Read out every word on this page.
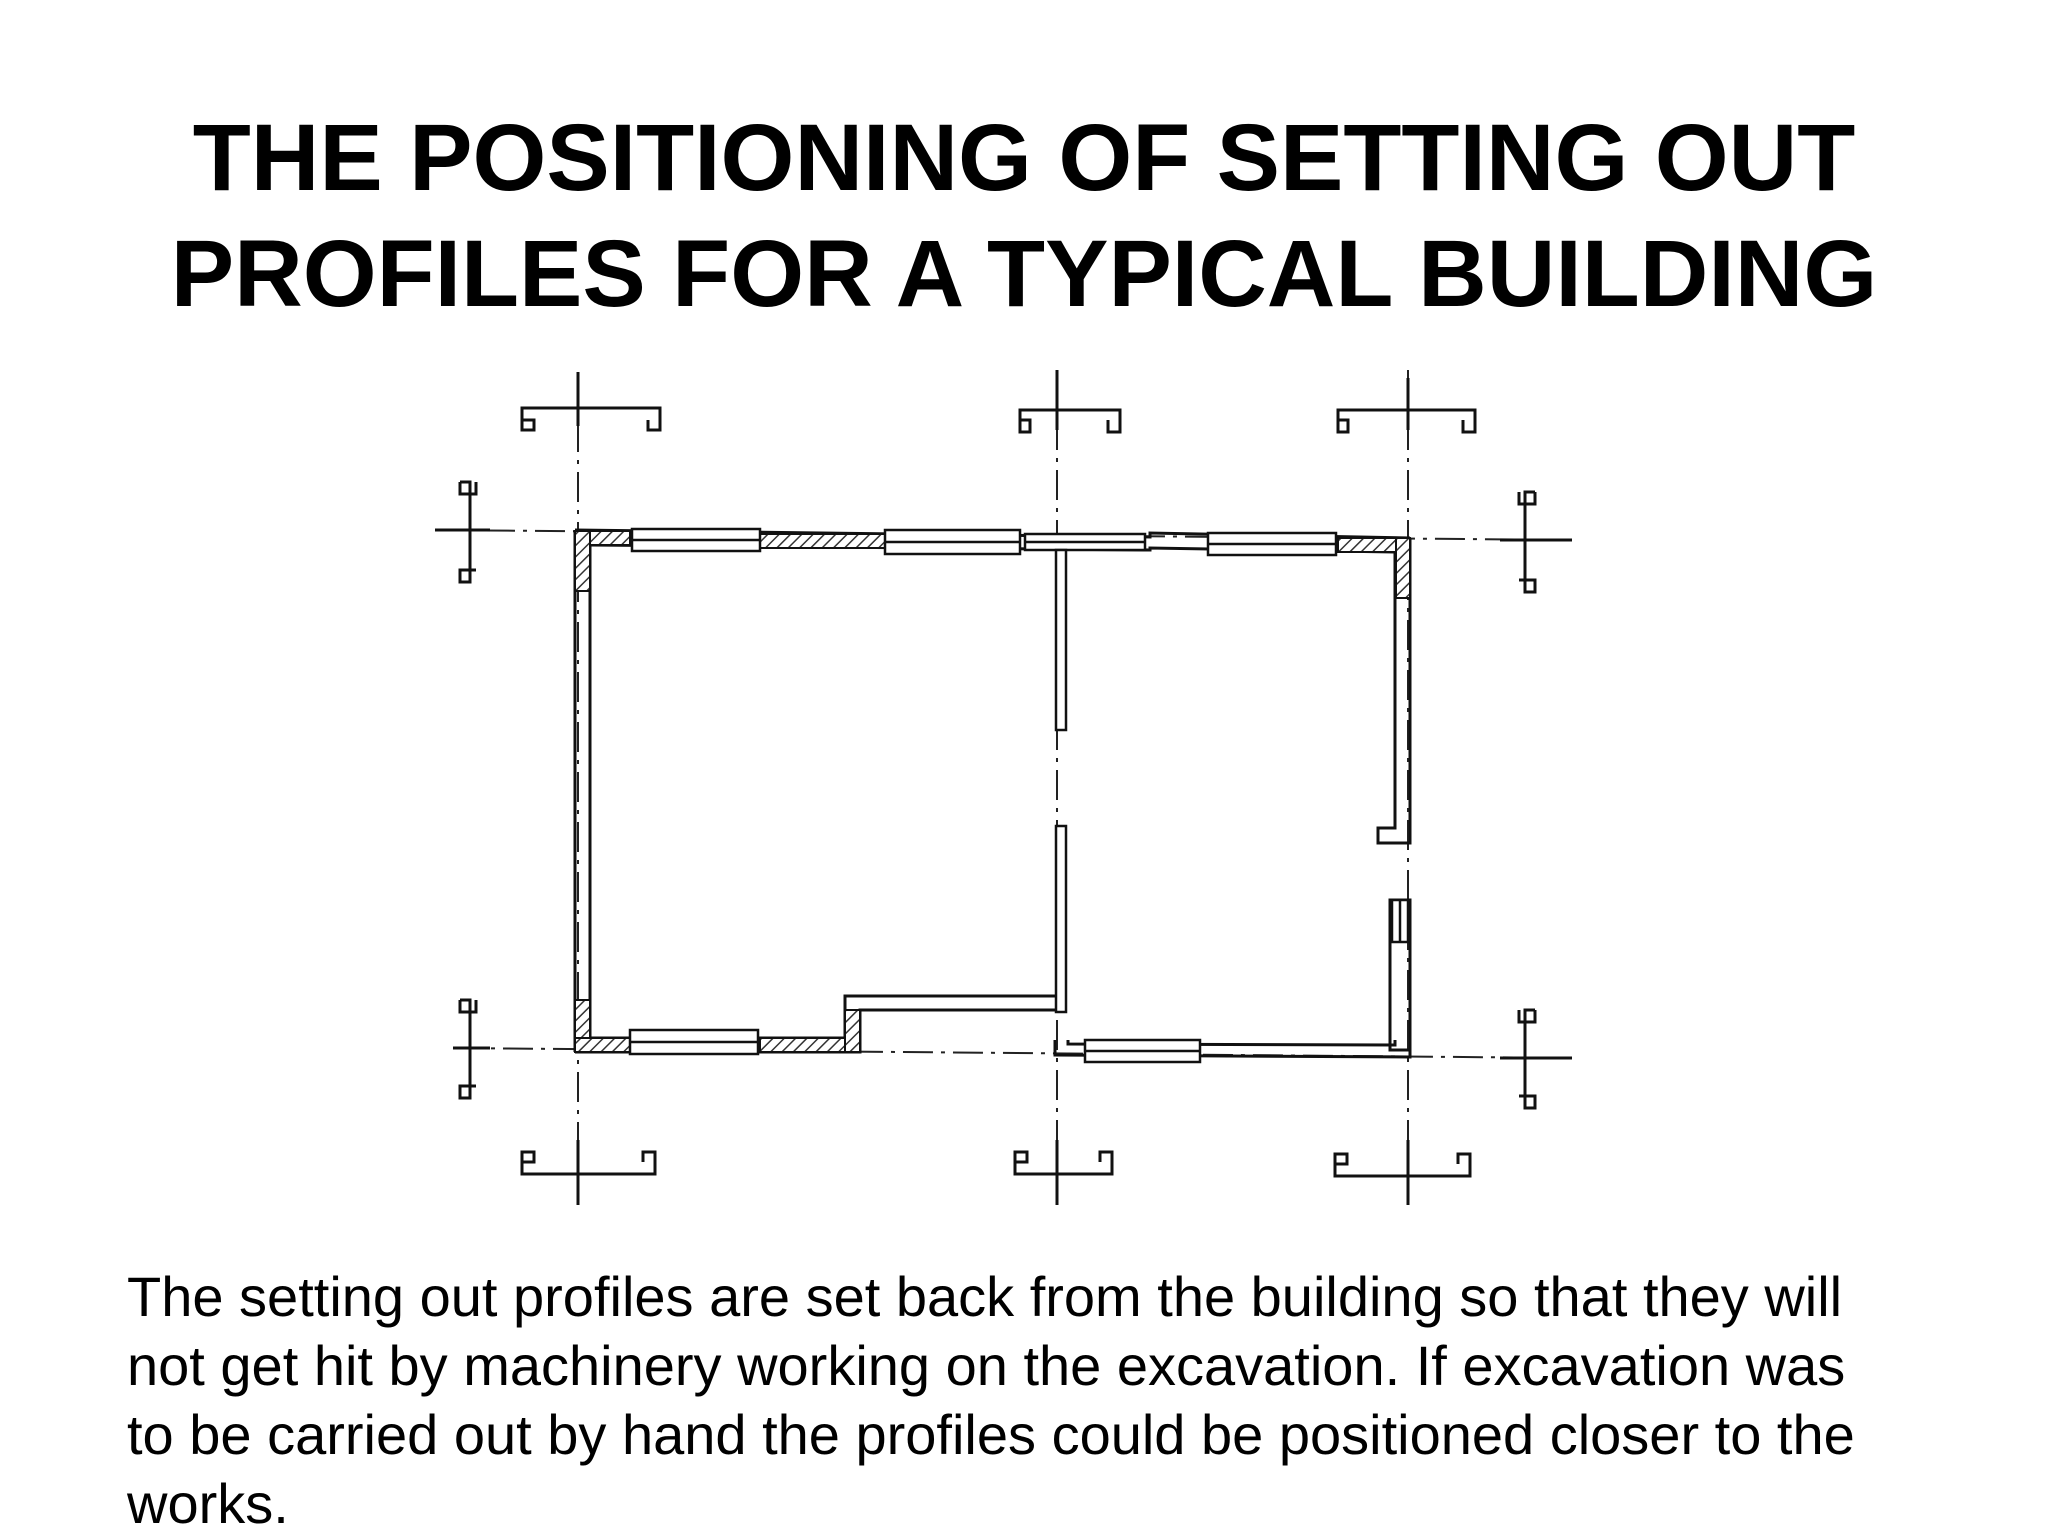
THE POSITIONING OF SETTING OUT
PROFILES FOR A TYPICAL BUILDING

The setting out profiles are set back from the building so that they will
not get hit by machinery working on the excavation. If excavation was
to be carried out by hand the profiles could be positioned closer to the
works.
